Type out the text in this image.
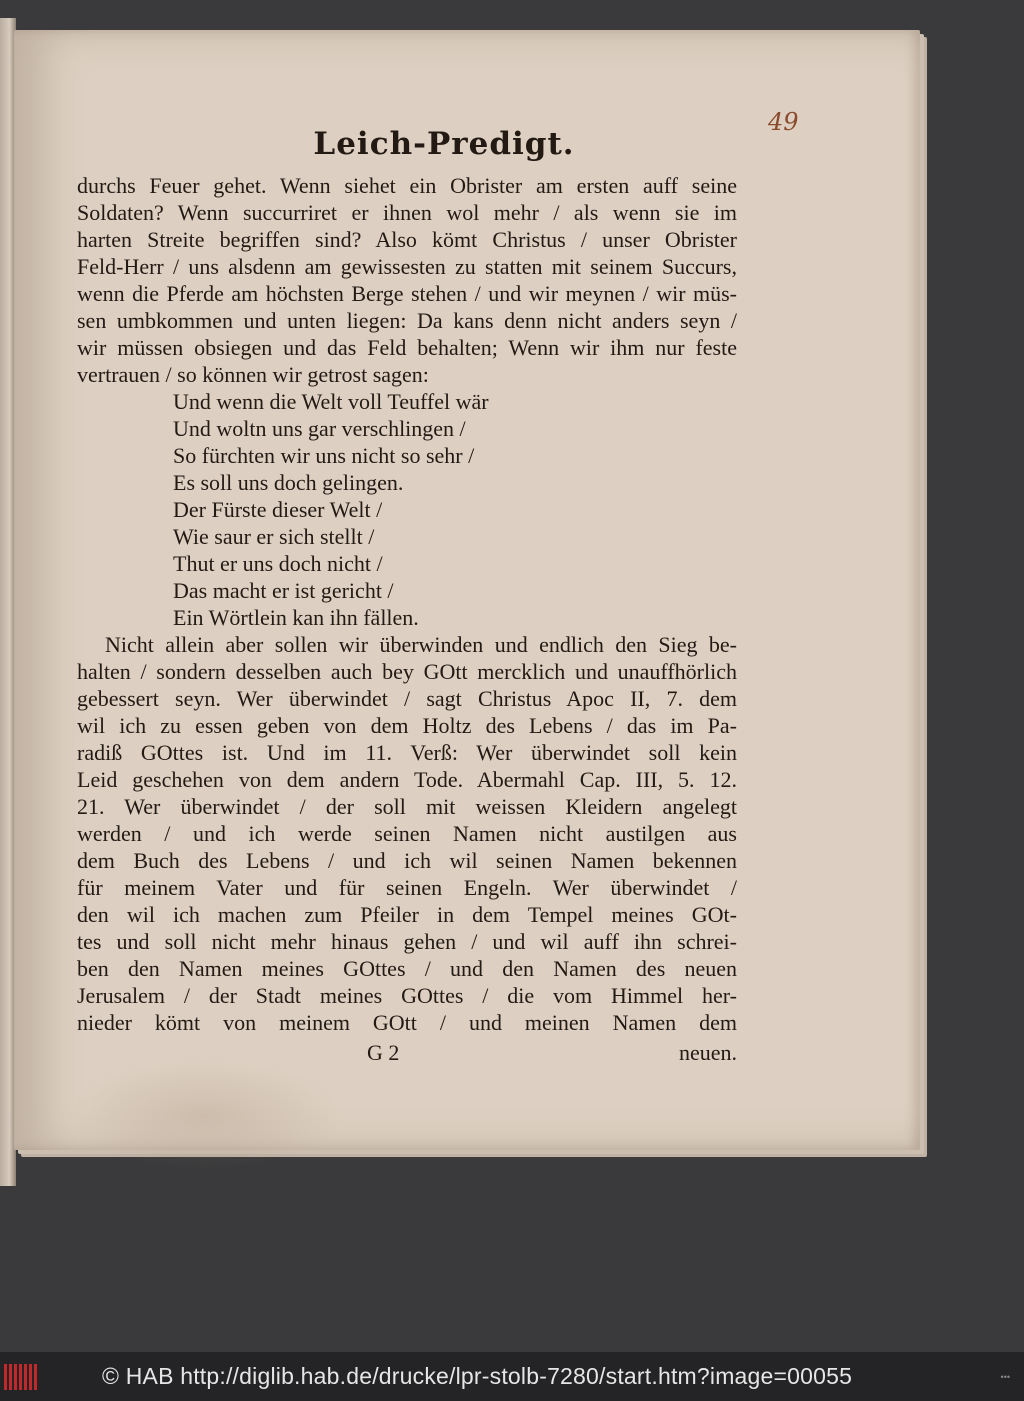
49
Leich-Predigt.
durchs Feuer gehet. Wenn siehet ein Obrister am ersten auff seine
Soldaten? Wenn succurriret er ihnen wol mehr / als wenn sie im
harten Streite begriffen sind? Also kömt Christus / unser Obrister
Feld-Herr / uns alsdenn am gewissesten zu statten mit seinem Succurs,
wenn die Pferde am höchsten Berge stehen / und wir meynen / wir müs-
sen umbkommen und unten liegen: Da kans denn nicht anders seyn /
wir müssen obsiegen und das Feld behalten; Wenn wir ihm nur feste
vertrauen / so können wir getrost sagen:
Und wenn die Welt voll Teuffel wär
Und woltn uns gar verschlingen /
So fürchten wir uns nicht so sehr /
Es soll uns doch gelingen.
Der Fürste dieser Welt /
Wie saur er sich stellt /
Thut er uns doch nicht /
Das macht er ist gericht /
Ein Wörtlein kan ihn fällen.
Nicht allein aber sollen wir überwinden und endlich den Sieg be-
halten / sondern desselben auch bey GOtt mercklich und unauffhörlich
gebessert seyn. Wer überwindet / sagt Christus Apoc II, 7. dem
wil ich zu essen geben von dem Holtz des Lebens / das im Pa-
radiß GOttes ist. Und im 11. Verß: Wer überwindet soll kein
Leid geschehen von dem andern Tode. Abermahl Cap. III, 5. 12.
21. Wer überwindet / der soll mit weissen Kleidern angelegt
werden / und ich werde seinen Namen nicht austilgen aus
dem Buch des Lebens / und ich wil seinen Namen bekennen
für meinem Vater und für seinen Engeln. Wer überwindet /
den wil ich machen zum Pfeiler in dem Tempel meines GOt-
tes und soll nicht mehr hinaus gehen / und wil auff ihn schrei-
ben den Namen meines GOttes / und den Namen des neuen
Jerusalem / der Stadt meines GOttes / die vom Himmel her-
nieder kömt von meinem GOtt / und meinen Namen dem
G 2	neuen.
© HAB http://diglib.hab.de/drucke/lpr-stolb-7280/start.htm?image=00055	•••
